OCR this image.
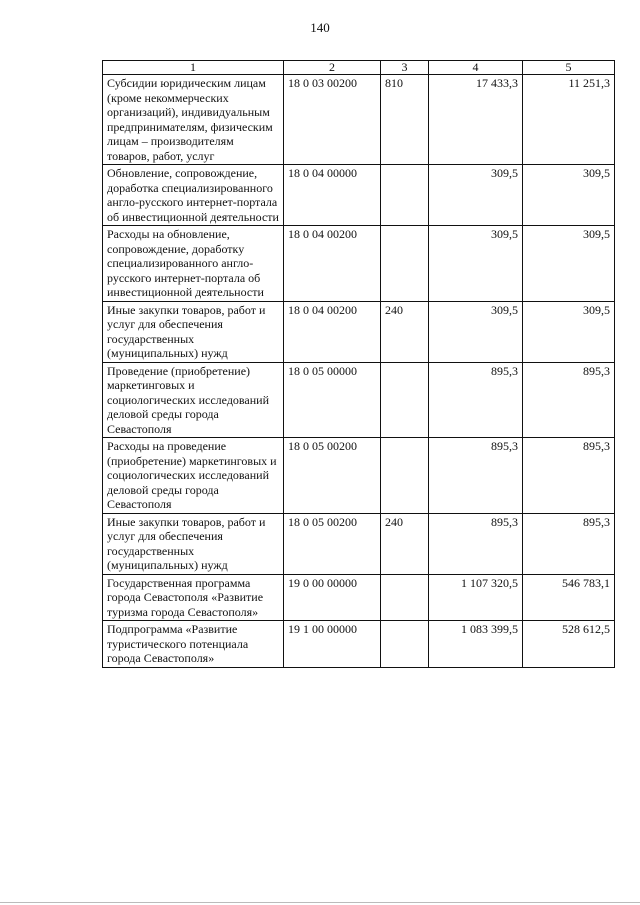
140
1	2	3	4	5
Субсидии юридическим лицам (кроме некоммерческих организаций), индивидуальным предпринимателям, физическим лицам – производителям товаров, работ, услуг	18 0 03 00200	810	17 433,3	11 251,3
Обновление, сопровождение, доработка специализированного англо-русского интернет-портала об инвестиционной деятельности	18 0 04 00000		309,5	309,5
Расходы на обновление, сопровождение, доработку специализированного англо-русского интернет-портала об инвестиционной деятельности	18 0 04 00200		309,5	309,5
Иные закупки товаров, работ и услуг для обеспечения государственных (муниципальных) нужд	18 0 04 00200	240	309,5	309,5
Проведение (приобретение) маркетинговых и социологических исследований деловой среды города Севастополя	18 0 05 00000		895,3	895,3
Расходы на проведение (приобретение) маркетинговых и социологических исследований деловой среды города Севастополя	18 0 05 00200		895,3	895,3
Иные закупки товаров, работ и услуг для обеспечения государственных (муниципальных) нужд	18 0 05 00200	240	895,3	895,3
Государственная программа города Севастополя «Развитие туризма города Севастополя»	19 0 00 00000		1 107 320,5	546 783,1
Подпрограмма «Развитие туристического потенциала города Севастополя»	19 1 00 00000		1 083 399,5	528 612,5
